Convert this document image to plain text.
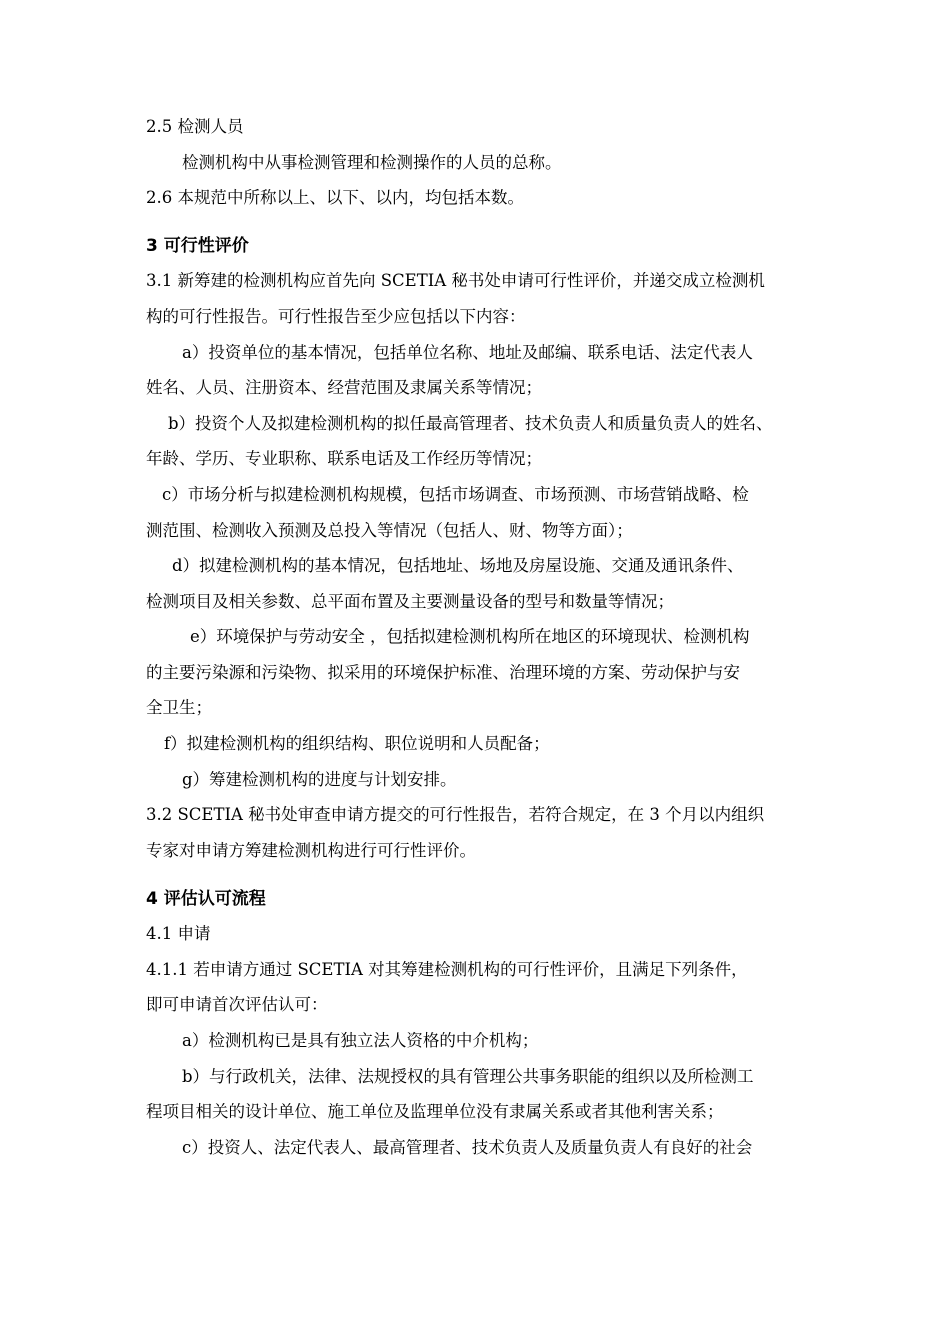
2.5 检测人员
检测机构中从事检测管理和检测操作的人员的总称。
2.6 本规范中所称以上、以下、以内，均包括本数。
3 可行性评价
3.1 新筹建的检测机构应首先向 SCETIA 秘书处申请可行性评价，并递交成立检测机
构的可行性报告。可行性报告至少应包括以下内容：
a）投资单位的基本情况，包括单位名称、地址及邮编、联系电话、法定代表人
姓名、人员、注册资本、经营范围及隶属关系等情况；
b）投资个人及拟建检测机构的拟任最高管理者、技术负责人和质量负责人的姓名、
年龄、学历、专业职称、联系电话及工作经历等情况；
c）市场分析与拟建检测机构规模，包括市场调查、市场预测、市场营销战略、检
测范围、检测收入预测及总投入等情况（包括人、财、物等方面）；
d）拟建检测机构的基本情况，包括地址、场地及房屋设施、交通及通讯条件、
检测项目及相关参数、总平面布置及主要测量设备的型号和数量等情况；
e）环境保护与劳动安全 ，包括拟建检测机构所在地区的环境现状、检测机构
的主要污染源和污染物、拟采用的环境保护标准、治理环境的方案、劳动保护与安
全卫生；
f）拟建检测机构的组织结构、职位说明和人员配备；
g）筹建检测机构的进度与计划安排。
3.2 SCETIA 秘书处审查申请方提交的可行性报告，若符合规定，在 3 个月以内组织
专家对申请方筹建检测机构进行可行性评价。
4 评估认可流程
4.1 申请
4.1.1 若申请方通过 SCETIA 对其筹建检测机构的可行性评价，且满足下列条件，
即可申请首次评估认可：
a）检测机构已是具有独立法人资格的中介机构；
b）与行政机关，法律、法规授权的具有管理公共事务职能的组织以及所检测工
程项目相关的设计单位、施工单位及监理单位没有隶属关系或者其他利害关系；
c）投资人、法定代表人、最高管理者、技术负责人及质量负责人有良好的社会
